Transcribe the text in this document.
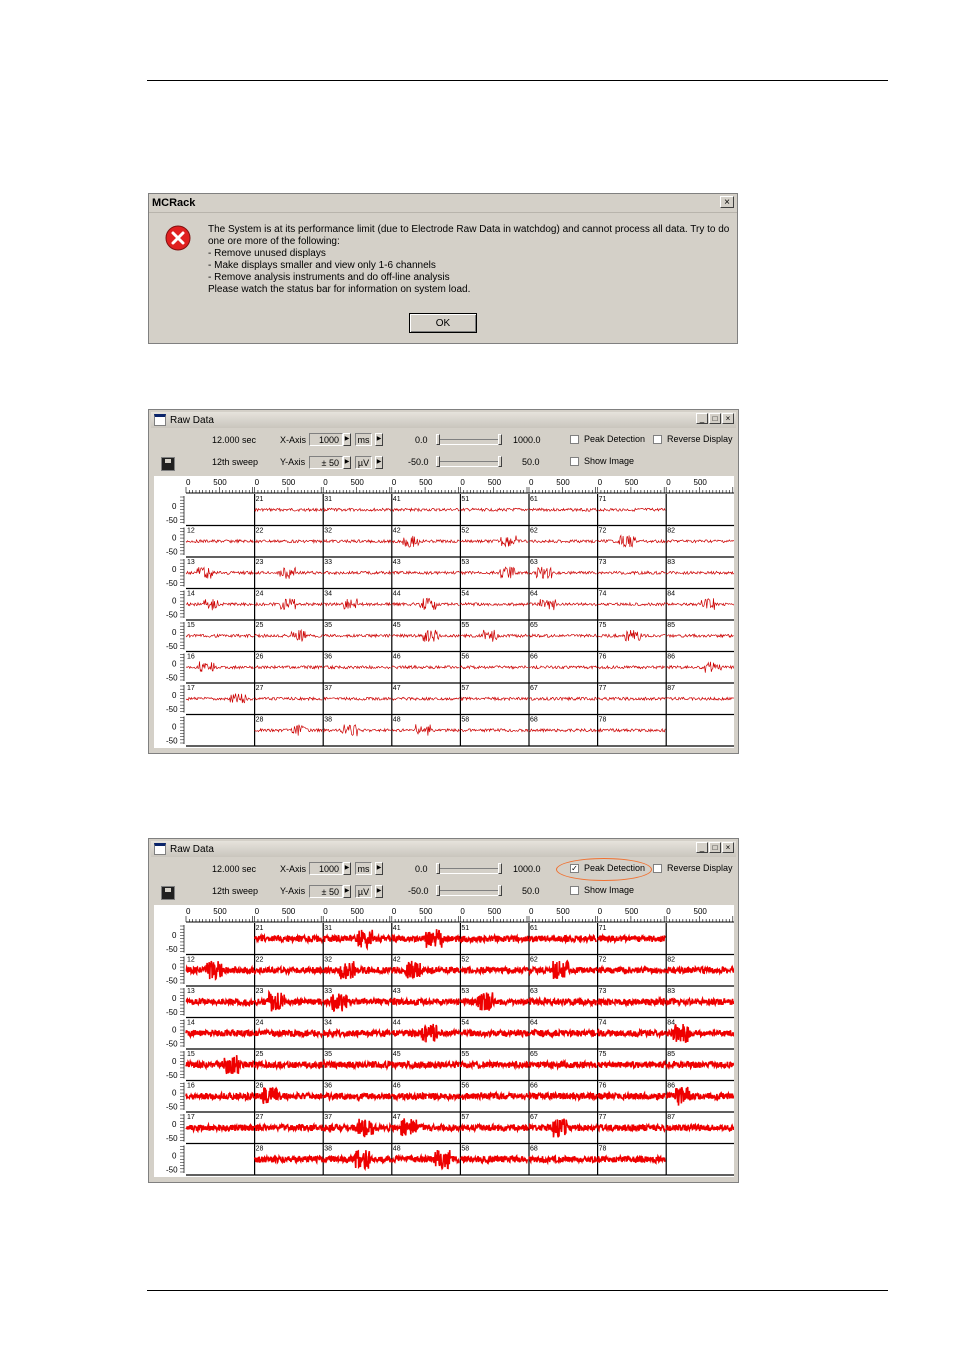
MCRack	×
The System is at its performance limit (due to Electrode Raw Data in watchdog) and cannot process all data. Try to do
one ore more of the following:
- Remove unused displays
- Make displays smaller and view only 1-6 channels
- Remove analysis instruments and do off-line analysis
Please watch the status bar for information on system load.
OK
Raw Data	_	□	×
12.000 sec
12th sweep
X-Axis
Y-Axis
1000 ▶ ms	▶
± 50 ▶ µV	▶
0.0	1000.0
-50.0	50.0
Peak Detection Reverse Display
Show Image
0	500	0	500	0	500	0	500	0	500	0	500	0	500	0	500
0
-50
0
-50
0
-50
0
-50
0
-50
0
-50
0
-50
0
-50
21	31	41	51	61	71
12	22	32	42	52	62	72	82
13	23	33	43	53	63	73	83
14	24	34	44	54	64	74	84
15	25	35	45	55	65	75	85
16	26	36	46	56	66	76	86
17	27	37	47	57	67	77	87
28	38	48	58	68	78
Raw Data	_	□	×
12.000 sec
12th sweep
X-Axis
Y-Axis
1000 ▶ ms	▶
± 50 ▶ µV	▶
0.0	1000.0
-50.0	50.0
✓ Peak Detection Reverse Display
Show Image
0	500	0	500	0	500	0	500	0	500	0	500	0	500	0	500
0
-50
0
-50
0
-50
0
-50
0
-50
0
-50
0
-50
0
-50
21	31	41	51	61	71
12	22	32	42	52	62	72	82
13	23	33	43	53	63	73	83
14	24	34	44	54	64	74	84
15	25	35	45	55	65	75	85
16	26	36	46	56	66	76	86
17	27	37	47	57	67	77	87
28	38	48	58	68	78
